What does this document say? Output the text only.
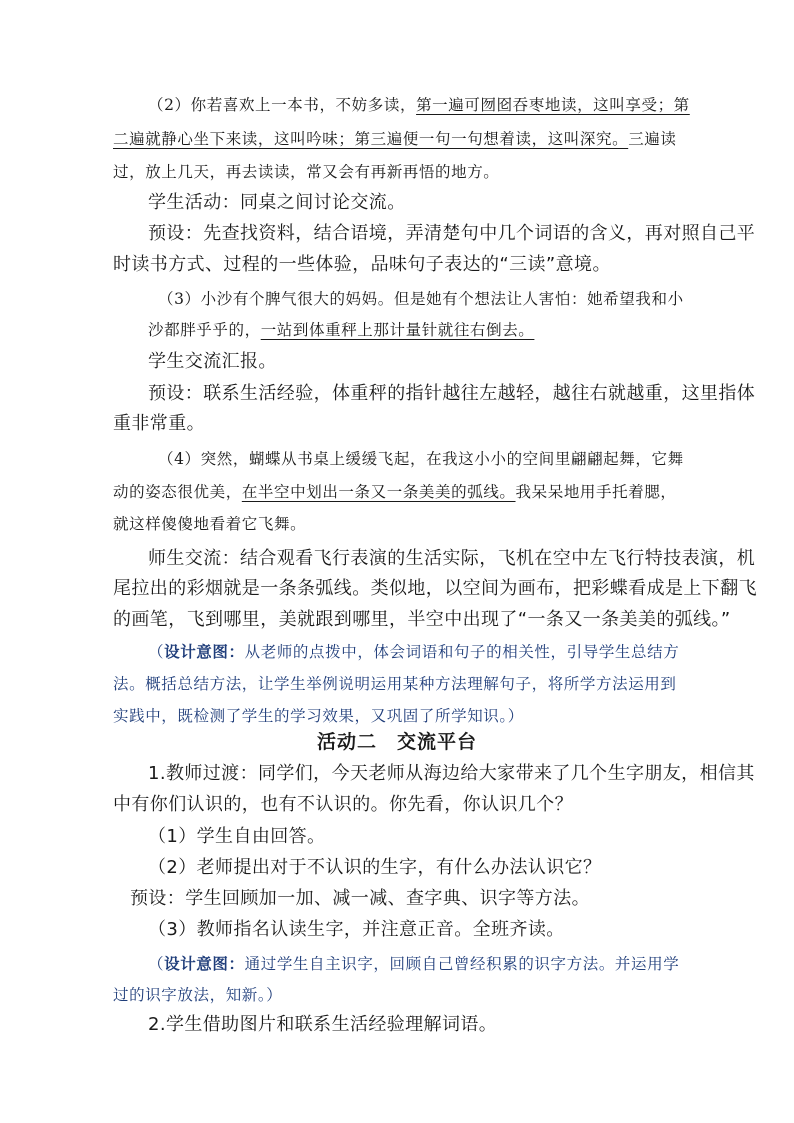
（2）你若喜欢上一本书，不妨多读，第一遍可囫囵吞枣地读，这叫享受；第
二遍就静心坐下来读，这叫吟味；第三遍便一句一句想着读，这叫深究。三遍读
过，放上几天，再去读读，常又会有再新再悟的地方。
学生活动：同桌之间讨论交流。
预设：先查找资料，结合语境，弄清楚句中几个词语的含义，再对照自己平
时读书方式、过程的一些体验，品味句子表达的“三读”意境。
（3）小沙有个脾气很大的妈妈。但是她有个想法让人害怕：她希望我和小
沙都胖乎乎的，一站到体重秤上那计量针就往右倒去。
学生交流汇报。
预设：联系生活经验，体重秤的指针越往左越轻，越往右就越重，这里指体
重非常重。
（4）突然，蝴蝶从书桌上缓缓飞起，在我这小小的空间里翩翩起舞，它舞
动的姿态很优美，在半空中划出一条又一条美美的弧线。我呆呆地用手托着腮，
就这样傻傻地看着它飞舞。
师生交流：结合观看飞行表演的生活实际，飞机在空中左飞行特技表演，机
尾拉出的彩烟就是一条条弧线。类似地，以空间为画布，把彩蝶看成是上下翻飞
的画笔，飞到哪里，美就跟到哪里，半空中出现了“一条又一条美美的弧线。”
（设计意图：从老师的点拨中，体会词语和句子的相关性，引导学生总结方
法。概括总结方法，让学生举例说明运用某种方法理解句子，将所学方法运用到
实践中，既检测了学生的学习效果，又巩固了所学知识。）
活动二　交流平台
1.教师过渡：同学们，今天老师从海边给大家带来了几个生字朋友，相信其
中有你们认识的，也有不认识的。你先看，你认识几个？
（1）学生自由回答。
（2）老师提出对于不认识的生字，有什么办法认识它？
预设：学生回顾加一加、减一减、查字典、识字等方法。
（3）教师指名认读生字，并注意正音。全班齐读。
（设计意图：通过学生自主识字，回顾自己曾经积累的识字方法。并运用学
过的识字放法，知新。）
2.学生借助图片和联系生活经验理解词语。
